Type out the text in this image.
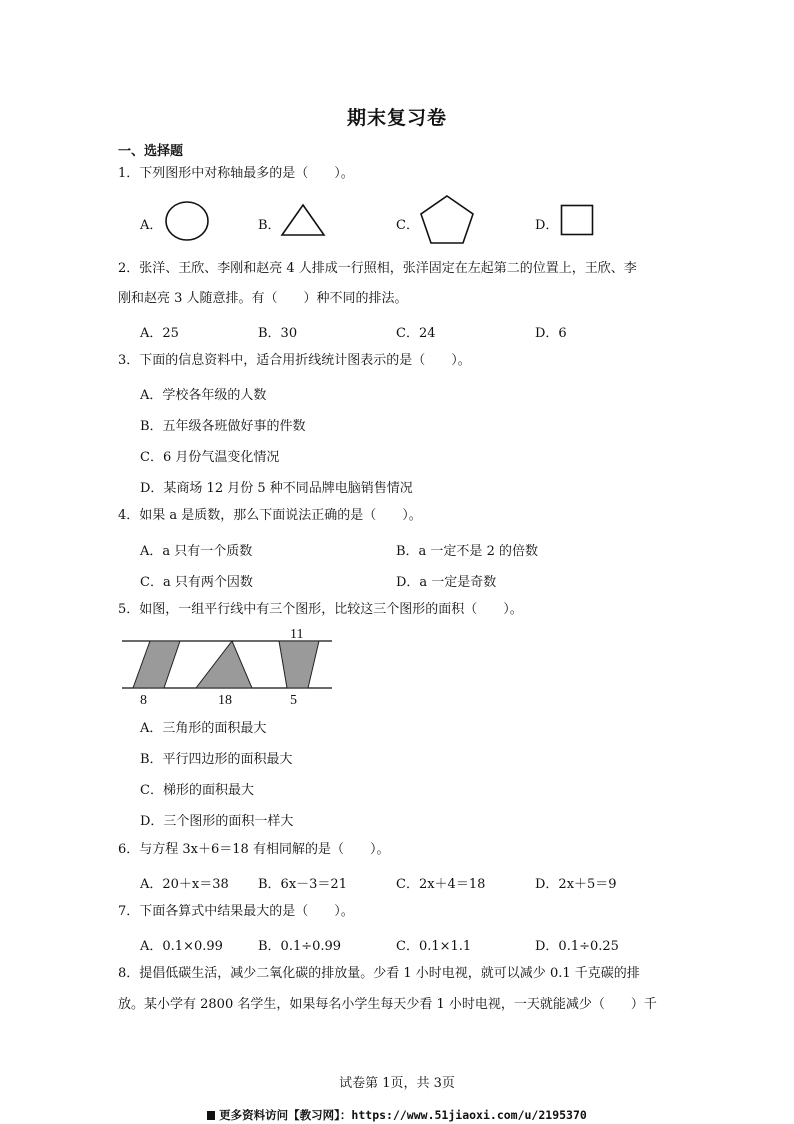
期末复习卷
一、选择题
1．下列图形中对称轴最多的是（　　）。
A．	B．	C．	D．
2．张洋、王欣、李刚和赵亮 4 人排成一行照相，张洋固定在左起第二的位置上，王欣、李
刚和赵亮 3 人随意排。有（　　）种不同的排法。
A．25	B．30	C．24	D．6
3．下面的信息资料中，适合用折线统计图表示的是（　　）。
A．学校各年级的人数
B．五年级各班做好事的件数
C．6 月份气温变化情况
D．某商场 12 月份 5 种不同品牌电脑销售情况
4．如果 a 是质数，那么下面说法正确的是（　　）。
A．a 只有一个质数	B．a 一定不是 2 的倍数
C．a 只有两个因数	D．a 一定是奇数
5．如图，一组平行线中有三个图形，比较这三个图形的面积（　　）。
11
8	18	5
A．三角形的面积最大
B．平行四边形的面积最大
C．梯形的面积最大
D．三个图形的面积一样大
6．与方程 3x＋6＝18 有相同解的是（　　）。
A．20＋x＝38 B．6x－3＝21	C．2x＋4＝18	D．2x＋5＝9
7．下面各算式中结果最大的是（　　）。
A．0.1×0.99	B．0.1÷0.99	C．0.1×1.1	D．0.1÷0.25
8．提倡低碳生活，减少二氧化碳的排放量。少看 1 小时电视，就可以减少 0.1 千克碳的排
放。某小学有 2800 名学生，如果每名小学生每天少看 1 小时电视，一天就能减少（　　）千
试卷第 1页，共 3页
更多资料访问【教习网】：https://www.51jiaoxi.com/u/2195370
